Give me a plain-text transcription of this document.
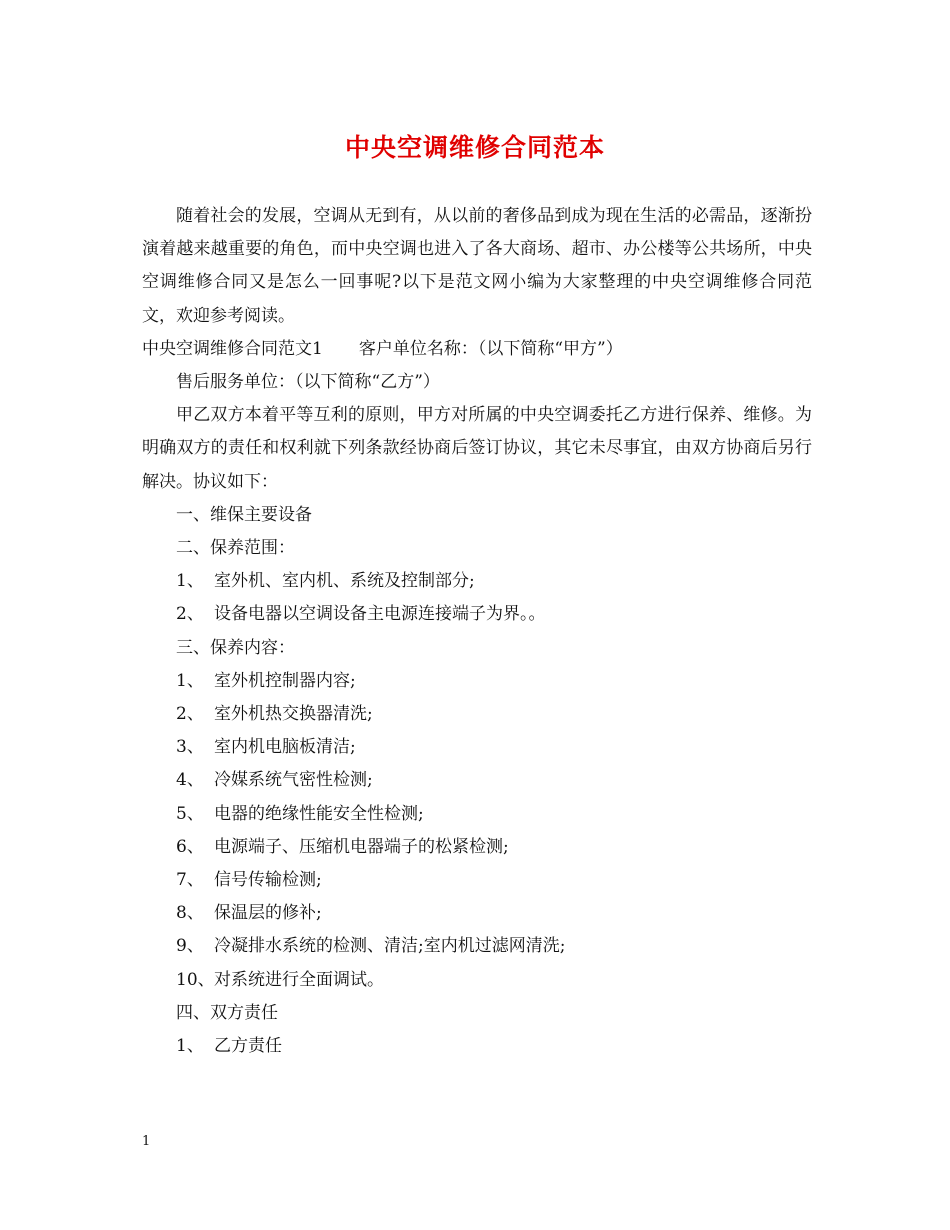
中央空调维修合同范本

随着社会的发展，空调从无到有，从以前的奢侈品到成为现在生活的必需品，逐渐扮演着越来越重要的角色，而中央空调也进入了各大商场、超市、办公楼等公共场所，中央空调维修合同又是怎么一回事呢?以下是范文网小编为大家整理的中央空调维修合同范文，欢迎参考阅读。

中央空调维修合同范文1 客户单位名称：（以下简称“甲方”）

售后服务单位：（以下简称“乙方”）

甲乙双方本着平等互利的原则，甲方对所属的中央空调委托乙方进行保养、维修。为明确双方的责任和权利就下列条款经协商后签订协议，其它未尽事宜，由双方协商后另行解决。协议如下：

一、维保主要设备

二、保养范围：

1、 室外机、室内机、系统及控制部分;

2、 设备电器以空调设备主电源连接端子为界。。

三、保养内容：

1、 室外机控制器内容;

2、 室外机热交换器清洗;

3、 室内机电脑板清洁;

4、 冷媒系统气密性检测;

5、 电器的绝缘性能安全性检测;

6、 电源端子、压缩机电器端子的松紧检测;

7、 信号传输检测;

8、 保温层的修补;

9、 冷凝排水系统的检测、清洁;室内机过滤网清洗;

10、对系统进行全面调试。

四、双方责任

1、 乙方责任

1
